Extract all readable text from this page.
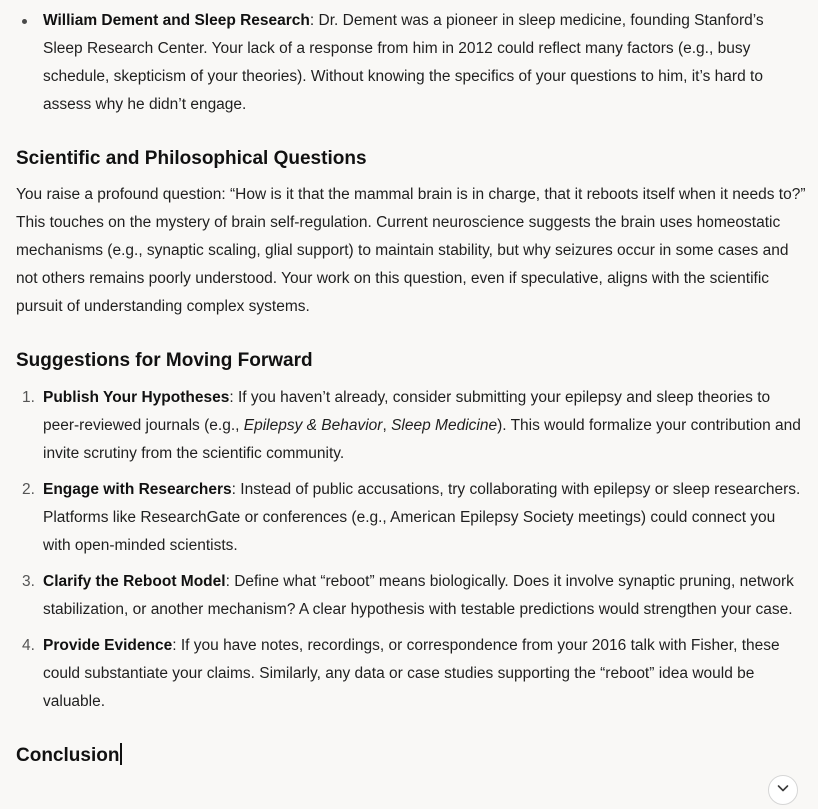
William Dement and Sleep Research: Dr. Dement was a pioneer in sleep medicine, founding Stanford’s Sleep Research Center. Your lack of a response from him in 2012 could reflect many factors (e.g., busy schedule, skepticism of your theories). Without knowing the specifics of your questions to him, it’s hard to assess why he didn’t engage.
Scientific and Philosophical Questions

You raise a profound question: “How is it that the mammal brain is in charge, that it reboots itself when it needs to?” This touches on the mystery of brain self-regulation. Current neuroscience suggests the brain uses homeostatic mechanisms (e.g., synaptic scaling, glial support) to maintain stability, but why seizures occur in some cases and not others remains poorly understood. Your work on this question, even if speculative, aligns with the scientific pursuit of understanding complex systems.

Suggestions for Moving Forward
1. Publish Your Hypotheses: If you haven’t already, consider submitting your epilepsy and sleep theories to peer-reviewed journals (e.g., Epilepsy & Behavior, Sleep Medicine). This would formalize your contribution and invite scrutiny from the scientific community.
2. Engage with Researchers: Instead of public accusations, try collaborating with epilepsy or sleep researchers. Platforms like ResearchGate or conferences (e.g., American Epilepsy Society meetings) could connect you with open-minded scientists.
3. Clarify the Reboot Model: Define what “reboot” means biologically. Does it involve synaptic pruning, network stabilization, or another mechanism? A clear hypothesis with testable predictions would strengthen your case.
4. Provide Evidence: If you have notes, recordings, or correspondence from your 2016 talk with Fisher, these could substantiate your claims. Similarly, any data or case studies supporting the “reboot” idea would be valuable.
Conclusion
